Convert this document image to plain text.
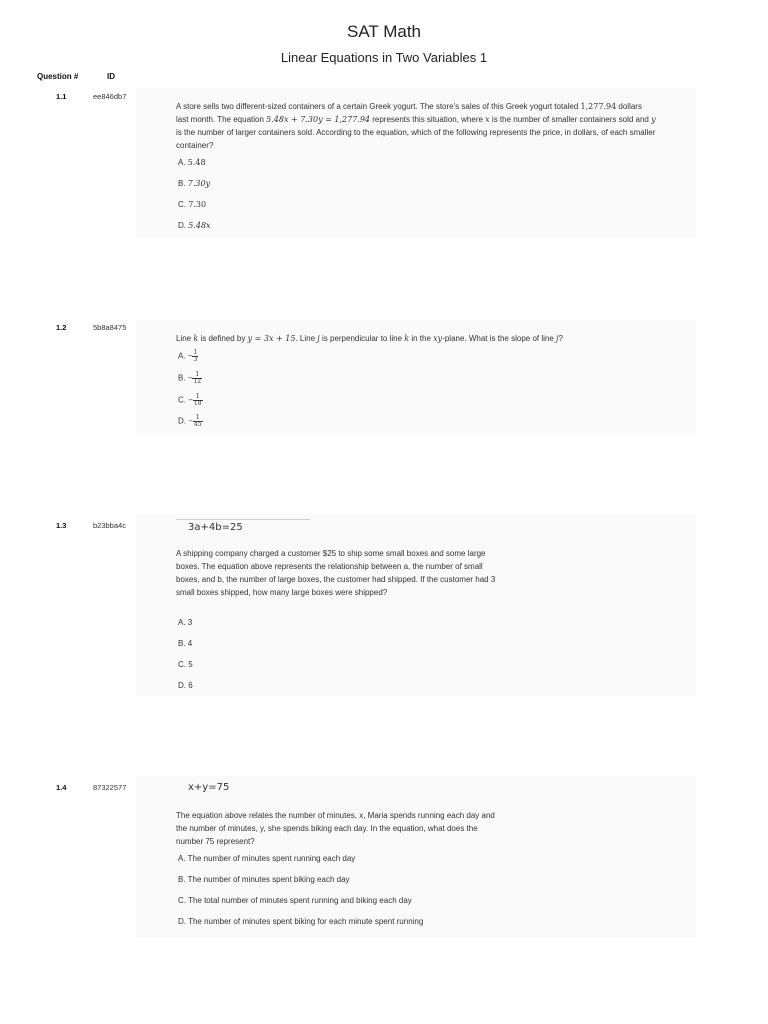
SAT Math
Linear Equations in Two Variables 1
Question #	ID
1.1	ee846db7
A store sells two different-sized containers of a certain Greek yogurt. The store's sales of this Greek yogurt totaled 1,277.94 dollars last month. The equation 5.48x + 7.30y = 1,277.94 represents this situation, where x is the number of smaller containers sold and y is the number of larger containers sold. According to the equation, which of the following represents the price, in dollars, of each smaller container?
A. 5.48
B. 7.30y
C. 7.30
D. 5.48x
1.2	5b8a8475
Line k is defined by y = 3x + 15. Line j is perpendicular to line k in the xy-plane. What is the slope of line j?
A. − $\frac{1}{3}$
B. − $\frac{1}{12}$
C. − $\frac{1}{18}$
D. − $\frac{1}{45}$
1.3	b23bba4c	3a+4b=25
A shipping company charged a customer $25 to ship some small boxes and some large boxes. The equation above represents the relationship between a, the number of small boxes, and b, the number of large boxes, the customer had shipped. If the customer had 3 small boxes shipped, how many large boxes were shipped?
A. 3
B. 4
C. 5
D. 6
1.4	87322577	x+y=75
The equation above relates the number of minutes, x, Maria spends running each day and the number of minutes, y, she spends biking each day. In the equation, what does the number 75 represent?
A. The number of minutes spent running each day
B. The number of minutes spent biking each day
C. The total number of minutes spent running and biking each day
D. The number of minutes spent biking for each minute spent running
